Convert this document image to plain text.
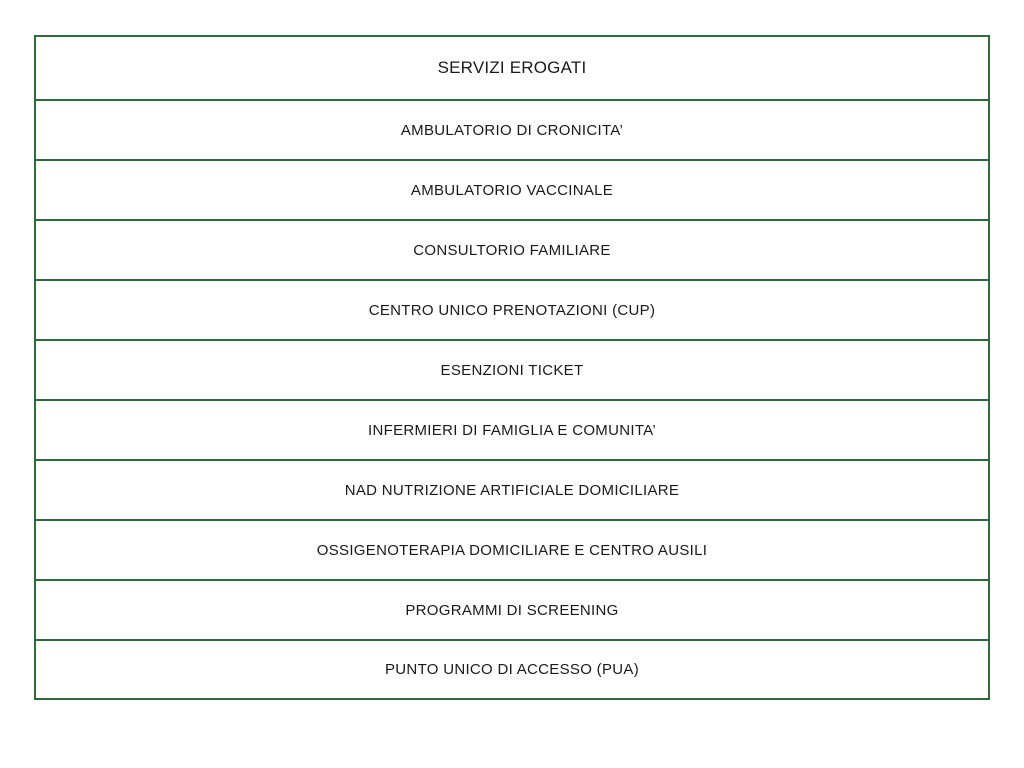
SERVIZI EROGATI
AMBULATORIO DI CRONICITA’
AMBULATORIO VACCINALE
CONSULTORIO FAMILIARE
CENTRO UNICO PRENOTAZIONI (CUP)
ESENZIONI TICKET
INFERMIERI DI FAMIGLIA E COMUNITA’
NAD NUTRIZIONE ARTIFICIALE DOMICILIARE
OSSIGENOTERAPIA DOMICILIARE E CENTRO AUSILI
PROGRAMMI DI SCREENING
PUNTO UNICO DI ACCESSO (PUA)
